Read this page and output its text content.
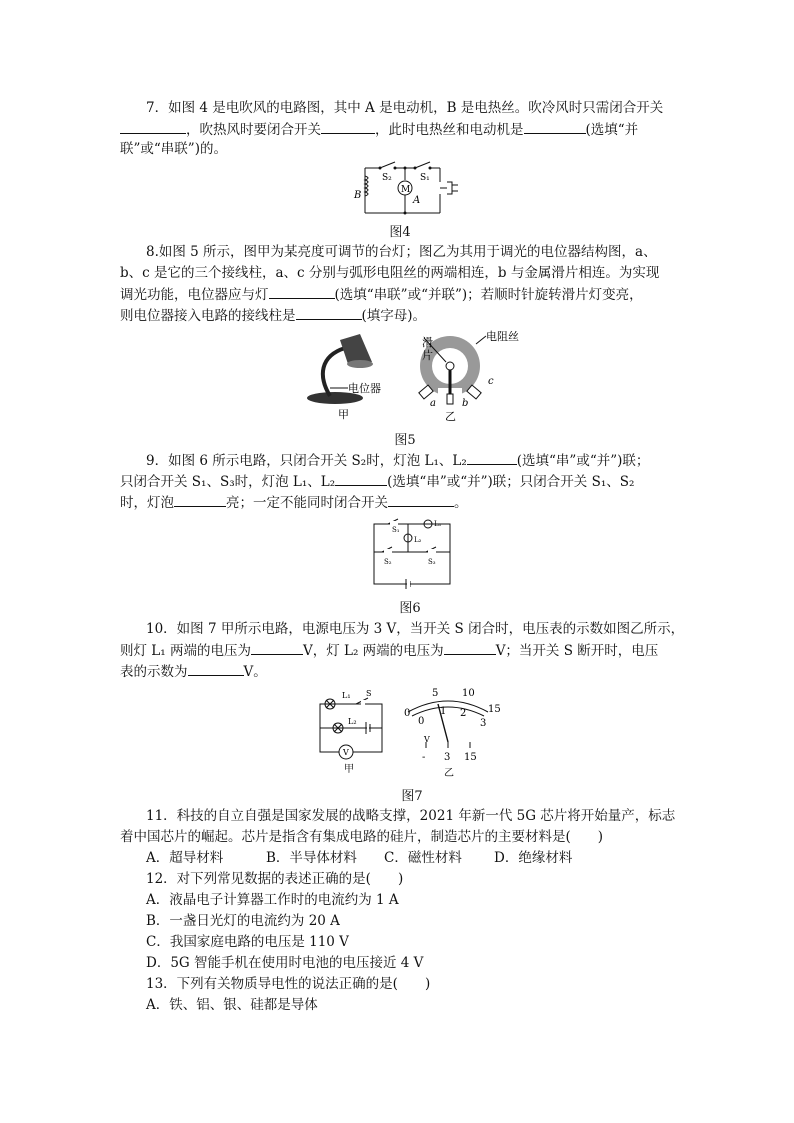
7．如图 4 是电吹风的电路图，其中 A 是电动机，B 是电热丝。吹冷风时只需闭合开关
，吹热风时要闭合开关	，此时电热丝和电动机是	(选填“并
联”或“串联”)的。
B
S₂	S₁
M
A
图4
8.如图 5 所示，图甲为某亮度可调节的台灯；图乙为其用于调光的电位器结构图，a、
b、c 是它的三个接线柱，a、c 分别与弧形电阻丝的两端相连，b 与金属滑片相连。为实现
调光功能，电位器应与灯	(选填“串联”或“并联”)；若顺时针旋转滑片灯变亮，
则电位器接入电路的接线柱是	(填字母)。
电位器
甲
滑
片
电阻丝
a	b
c
乙
图5
9．如图 6 所示电路，只闭合开关 S₂时，灯泡 L₁、L₂	(选填“串”或“并”)联；
只闭合开关 S₁、S₃时，灯泡 L₁、L₂	(选填“串”或“并”)联；只闭合开关 S₁、S₂
时，灯泡	亮；一定不能同时闭合开关	。
S₁
L₁
L₂
S₂	S₃
图6
10．如图 7 甲所示电路，电源电压为 3 V，当开关 S 闭合时，电压表的示数如图乙所示，
则灯 L₁ 两端的电压为	V，灯 L₂ 两端的电压为	V；当开关 S 断开时，电压
表的示数为	V。
L₁ S
L₂
V
甲
0
5 10
15
0
1 2
3
V
- 3 15
乙
图7
11．科技的自立自强是国家发展的战略支撑，2021 年新一代 5G 芯片将开始量产，标志
着中国芯片的崛起。芯片是指含有集成电路的硅片，制造芯片的主要材料是(　　)
A．超导材料	B．半导体材料 C．磁性材料 D．绝缘材料
12．对下列常见数据的表述正确的是(　　)
A．液晶电子计算器工作时的电流约为 1 A
B．一盏日光灯的电流约为 20 A
C．我国家庭电路的电压是 110 V
D．5G 智能手机在使用时电池的电压接近 4 V
13．下列有关物质导电性的说法正确的是(　　)
A．铁、铝、银、硅都是导体
